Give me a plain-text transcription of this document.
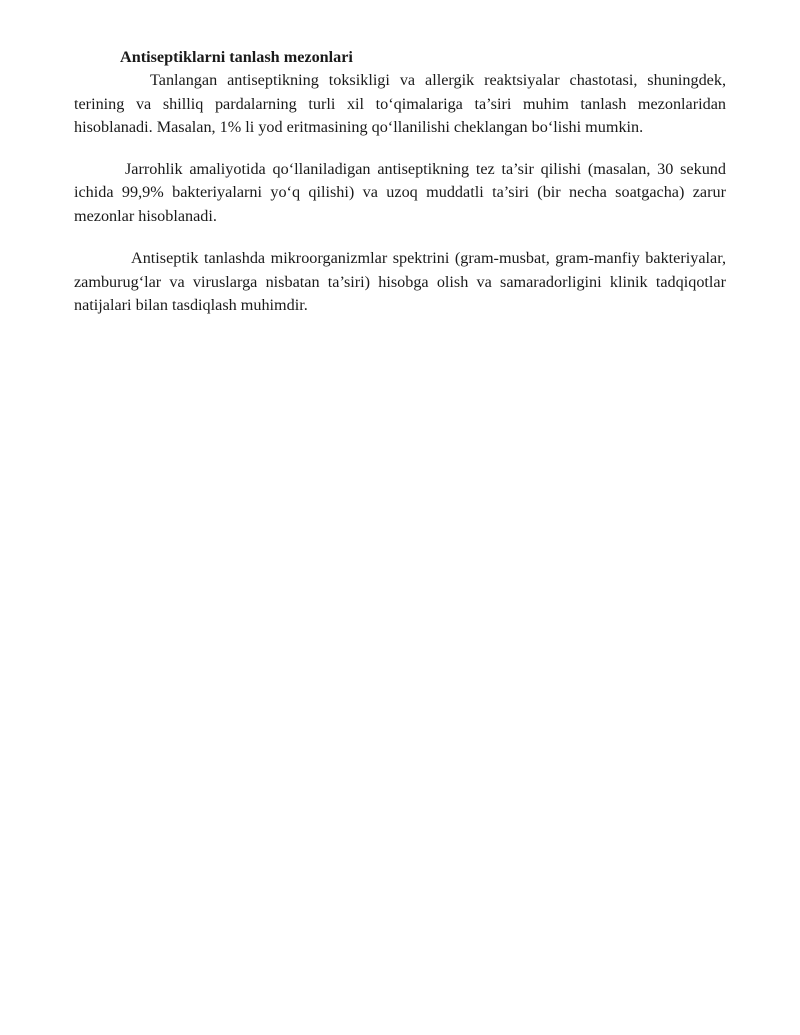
Antiseptiklarni tanlash mezonlari

Tanlangan antiseptikning toksikligi va allergik reaktsiyalar chastotasi, shuningdek, terining va shilliq pardalarning turli xil to‘qimalariga ta’siri muhim tanlash mezonlaridan hisoblanadi. Masalan, 1% li yod eritmasining qo‘llanilishi cheklangan bo‘lishi mumkin.

Jarrohlik amaliyotida qo‘llaniladigan antiseptikning tez ta’sir qilishi (masalan, 30 sekund ichida 99,9% bakteriyalarni yo‘q qilishi) va uzoq muddatli ta’siri (bir necha soatgacha) zarur mezonlar hisoblanadi.

Antiseptik tanlashda mikroorganizmlar spektrini (gram-musbat, gram-manfiy bakteriyalar, zamburug‘lar va viruslarga nisbatan ta’siri) hisobga olish va samaradorligini klinik tadqiqotlar natijalari bilan tasdiqlash muhimdir.
